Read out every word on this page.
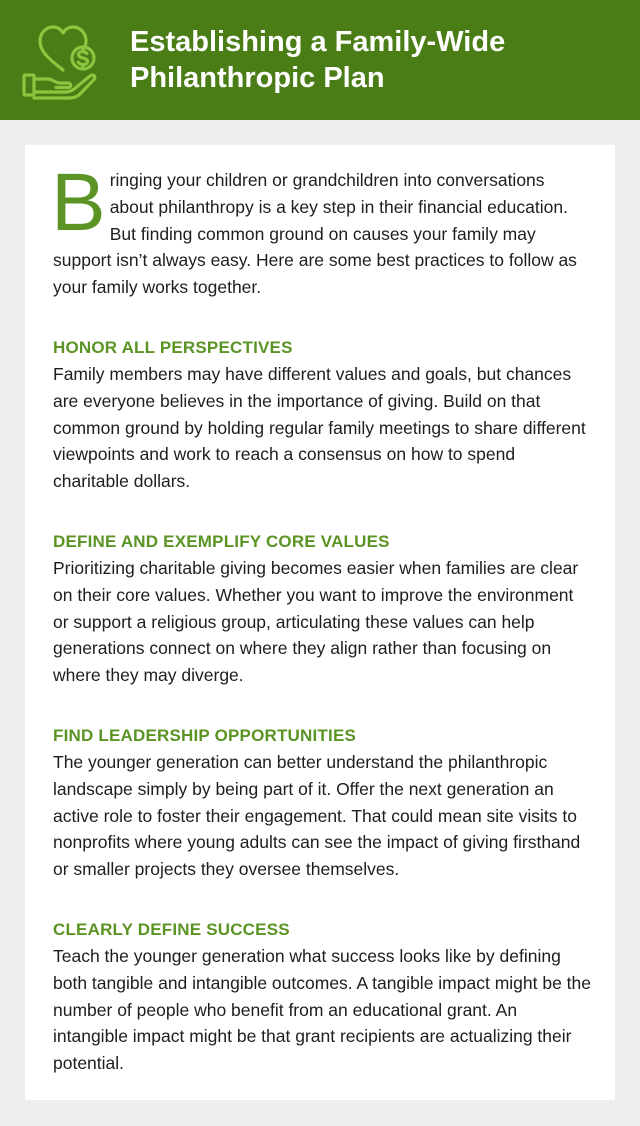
Establishing a Family-Wide
Philanthropic Plan

Bringing your children or grandchildren into conversations about philanthropy is a key step in their financial education. But finding common ground on causes your family may support isn’t always easy. Here are some best practices to follow as your family works together.

HONOR ALL PERSPECTIVES

Family members may have different values and goals, but chances are everyone believes in the importance of giving. Build on that common ground by holding regular family meetings to share different viewpoints and work to reach a consensus on how to spend charitable dollars.

DEFINE AND EXEMPLIFY CORE VALUES

Prioritizing charitable giving becomes easier when families are clear on their core values. Whether you want to improve the environment or support a religious group, articulating these values can help generations connect on where they align rather than focusing on where they may diverge.

FIND LEADERSHIP OPPORTUNITIES

The younger generation can better understand the philanthropic landscape simply by being part of it. Offer the next generation an active role to foster their engagement. That could mean site visits to nonprofits where young adults can see the impact of giving firsthand or smaller projects they oversee themselves.

CLEARLY DEFINE SUCCESS

Teach the younger generation what success looks like by defining both tangible and intangible outcomes. A tangible impact might be the number of people who benefit from an educational grant. An intangible impact might be that grant recipients are actualizing their potential.
